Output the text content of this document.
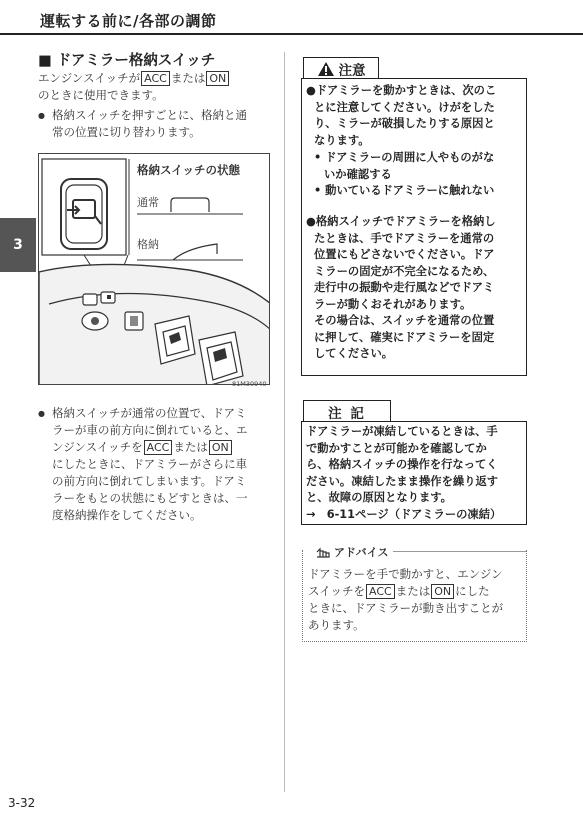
運転する前に/各部の調節
3
■ ドアミラー格納スイッチ
エンジンスイッチが ACC または ON
のときに使用できます。
● 格納スイッチを押すごとに、格納と通
常の位置に切り替わります。
格納スイッチの状態
通常
格納
81M30940
● 格納スイッチが通常の位置で、ドアミ
ラーが車の前方向に倒れていると、エ
ンジンスイッチを ACC または ON
にしたときに、ドアミラーがさらに車
の前方向に倒れてしまいます。ドアミ
ラーをもとの状態にもどすときは、一
度格納操作をしてください。
注意
●ドアミラーを動かすときは、次のこ
とに注意してください。けがをした
り、ミラーが破損したりする原因と
なります。
• ドアミラーの周囲に人やものがな
いか確認する
• 動いているドアミラーに触れない
●格納スイッチでドアミラーを格納し
たときは、手でドアミラーを通常の
位置にもどさないでください。ドア
ミラーの固定が不完全になるため、
走行中の振動や走行風などでドアミ
ラーが動くおそれがあります。
その場合は、スイッチを通常の位置
に押して、確実にドアミラーを固定
してください。
注 記
ドアミラーが凍結しているときは、手
で動かすことが可能かを確認してか
ら、格納スイッチの操作を行なってく
ださい。凍結したまま操作を繰り返す
と、故障の原因となります。
→　6-11ページ（ドアミラーの凍結）
アドバイス
ドアミラーを手で動かすと、エンジン
スイッチを ACC または ON にした
ときに、ドアミラーが動き出すことが
あります。
3-32
